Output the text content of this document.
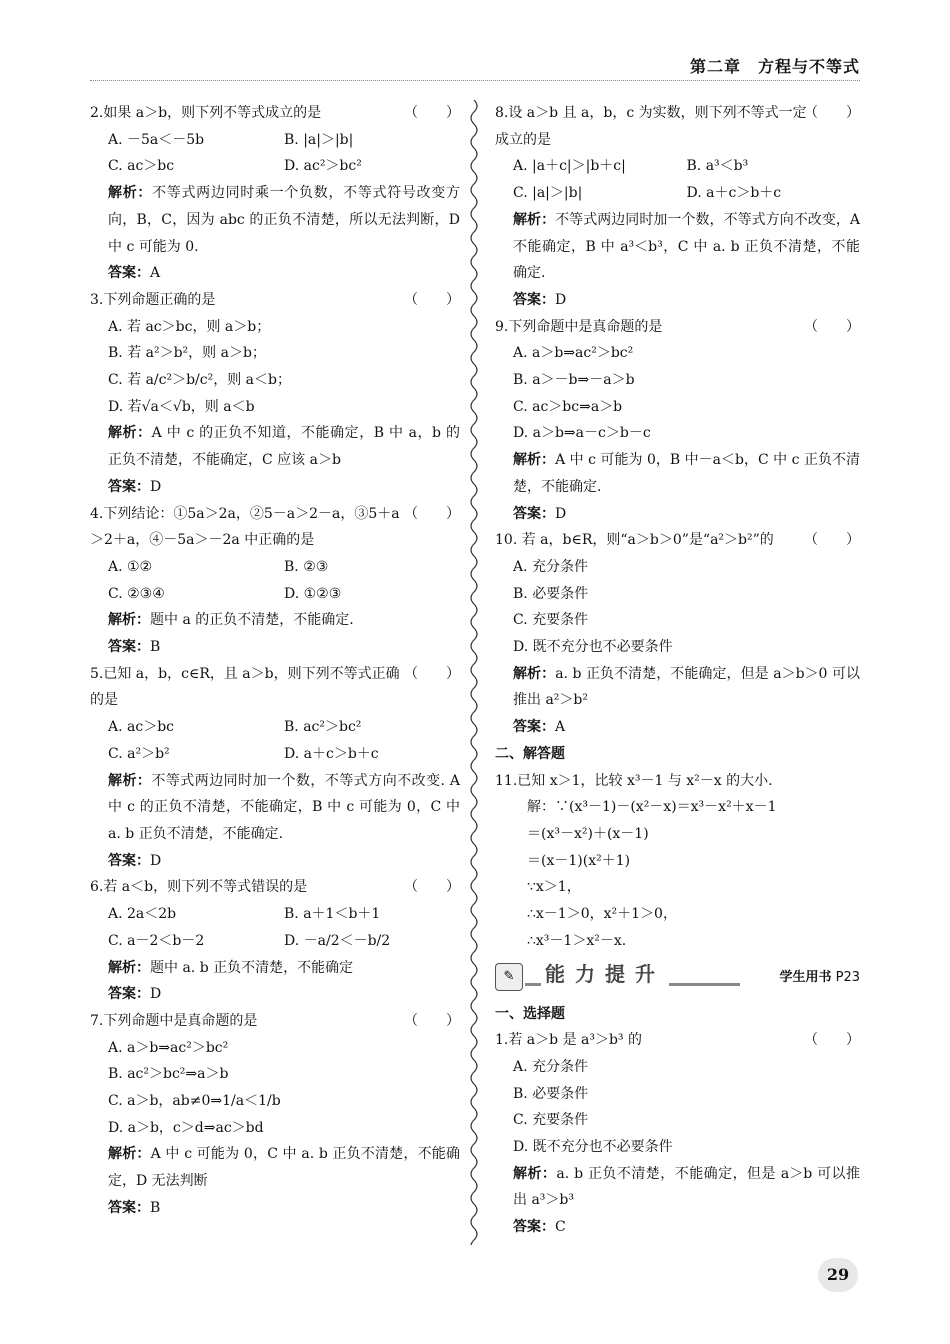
第二章　方程与不等式
2.如果 a＞b，则下列不等式成立的是	（　　）
A. －5a＜－5b	B. |a|＞|b|
C. ac＞bc	D. ac²＞bc²
解析：不等式两边同时乘一个负数，不等式符号改变方向，B，C，因为 abc 的正负不清楚，所以无法判断，D 中 c 可能为 0.
答案：A
3.下列命题正确的是	（　　）
A. 若 ac＞bc，则 a＞b；
B. 若 a²＞b²，则 a＞b；
C. 若 a/c²＞b/c²，则 a＜b；
D. 若√a＜√b，则 a＜b
解析：A 中 c 的正负不知道，不能确定，B 中 a，b 的正负不清楚，不能确定，C 应该 a＞b
答案：D
4.下列结论：①5a＞2a，②5－a＞2－a，③5＋a＞2＋a，④－5a＞－2a 中正确的是
（　　）
A. ①②	B. ②③
C. ②③④	D. ①②③
解析：题中 a 的正负不清楚，不能确定.
答案：B
5.已知 a，b，c∈R，且 a＞b，则下列不等式正确的是
（　　）
A. ac＞bc	B. ac²＞bc²
C. a²＞b²	D. a＋c＞b＋c
解析：不等式两边同时加一个数，不等式方向不改变. A 中 c 的正负不清楚，不能确定，B 中 c 可能为 0，C 中 a. b 正负不清楚，不能确定.
答案：D
6.若 a＜b，则下列不等式错误的是	（　　）
A. 2a＜2b	B. a＋1＜b＋1
C. a－2＜b－2	D. －a/2＜－b/2
解析：题中 a. b 正负不清楚，不能确定
答案：D
7.下列命题中是真命题的是	（　　）
A. a＞b⇒ac²＞bc²
B. ac²＞bc²⇒a＞b
C. a＞b，ab≠0⇒1/a＜1/b
D. a＞b，c＞d⇒ac＞bd
解析：A 中 c 可能为 0，C 中 a. b 正负不清楚，不能确定，D 无法判断
答案：B
8.设 a＞b 且 a，b，c 为实数，则下列不等式一定成立的是
（　　）
A. |a＋c|＞|b＋c|	B. a³＜b³
C. |a|＞|b|	D. a＋c＞b＋c
解析：不等式两边同时加一个数，不等式方向不改变，A 不能确定，B 中 a³＜b³，C 中 a. b 正负不清楚，不能确定.
答案：D
9.下列命题中是真命题的是	（　　）
A. a＞b⇒ac²＞bc²
B. a＞－b⇒－a＞b
C. ac＞bc⇒a＞b
D. a＞b⇒a－c＞b－c
解析：A 中 c 可能为 0，B 中－a＜b，C 中 c 正负不清楚，不能确定.
答案：D
10. 若 a，b∈R，则“a＞b＞0”是“a²＞b²”的	（　　）
A. 充分条件
B. 必要条件
C. 充要条件
D. 既不充分也不必要条件
解析：a. b 正负不清楚，不能确定，但是 a＞b＞0 可以推出 a²＞b²
答案：A
二、解答题
11.已知 x＞1，比较 x³－1 与 x²－x 的大小.
解：∵(x³－1)－(x²－x)＝x³－x²＋x－1
＝(x³－x²)＋(x－1)
＝(x－1)(x²＋1)
∵x＞1，
∴x－1＞0，x²＋1＞0，
∴x³－1＞x²－x.
✎	能力提升	学生用书 P23
一、选择题
1.若 a＞b 是 a³＞b³ 的	（　　）
A. 充分条件
B. 必要条件
C. 充要条件
D. 既不充分也不必要条件
解析：a. b 正负不清楚，不能确定，但是 a＞b 可以推出 a³＞b³
答案：C
29
